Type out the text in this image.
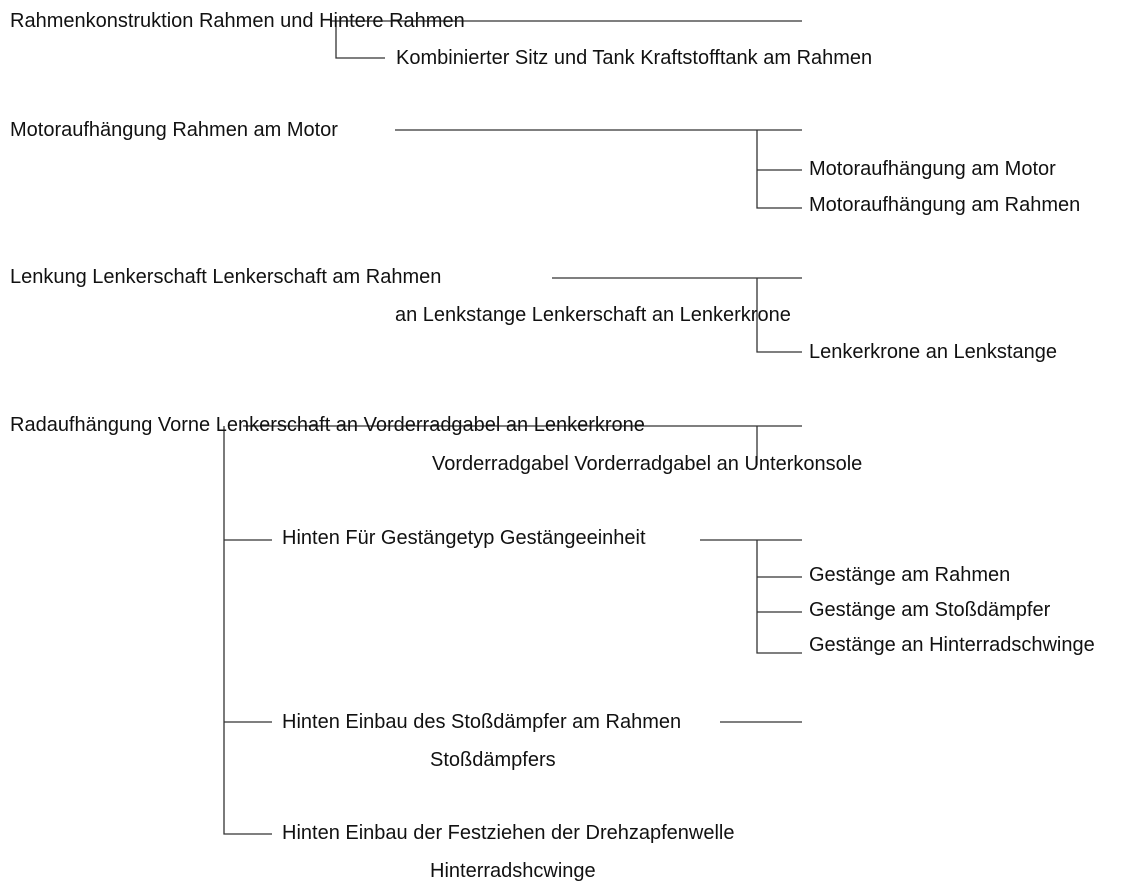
Rahmenkonstruktion Rahmen und Hintere Rahmen
Kombinierter Sitz und Tank Kraftstofftank am Rahmen
Motoraufhängung Rahmen am Motor
Motoraufhängung am Motor
Motoraufhängung am Rahmen
Lenkung Lenkerschaft Lenkerschaft am Rahmen
an Lenkstange Lenkerschaft an Lenkerkrone
Lenkerkrone an Lenkstange
Radaufhängung Vorne Lenkerschaft an Vorderradgabel an Lenkerkrone
Vorderradgabel Vorderradgabel an Unterkonsole
Hinten Für Gestängetyp Gestängeeinheit
Gestänge am Rahmen
Gestänge am Stoßdämpfer
Gestänge an Hinterradschwinge
Hinten Einbau des Stoßdämpfer am Rahmen
Stoßdämpfers
Hinten Einbau der Festziehen der Drehzapfenwelle
Hinterradshcwinge
